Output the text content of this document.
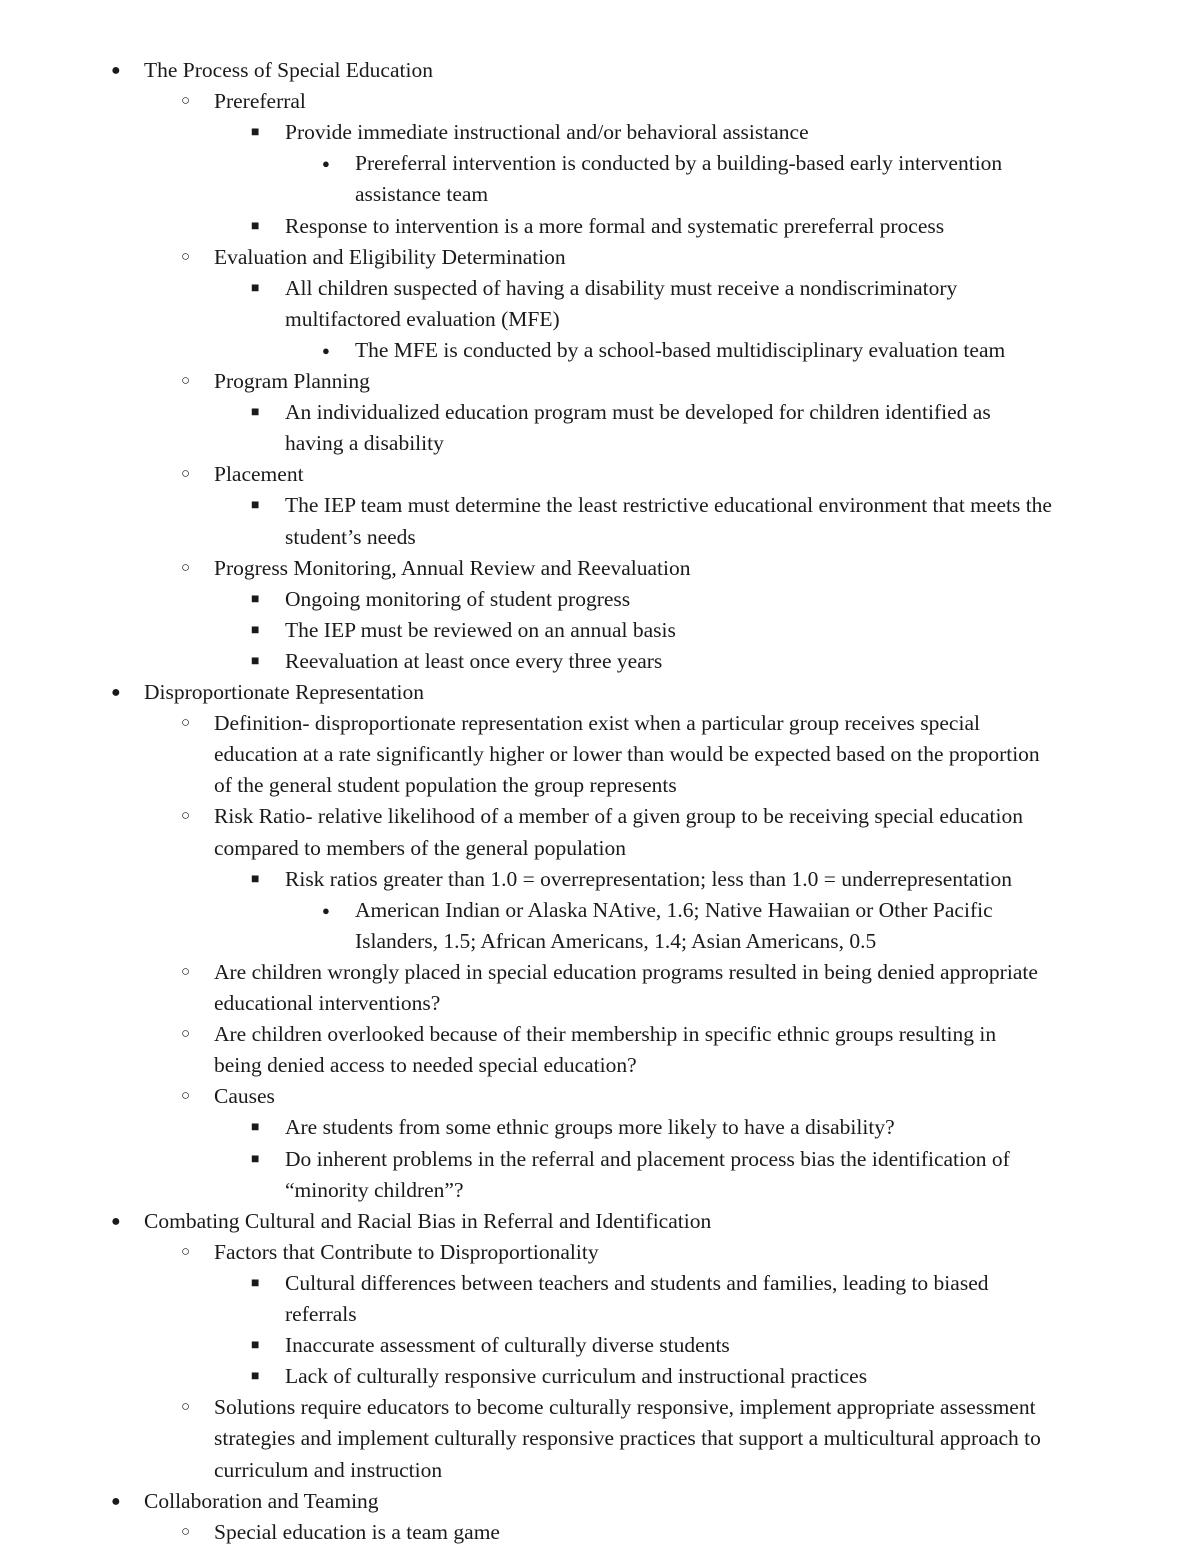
● The Process of Special Education
○ Prereferral
■ Provide immediate instructional and/or behavioral assistance
● Prereferral intervention is conducted by a building-based early intervention
assistance team
■ Response to intervention is a more formal and systematic prereferral process
○ Evaluation and Eligibility Determination
■ All children suspected of having a disability must receive a nondiscriminatory
multifactored evaluation (MFE)
● The MFE is conducted by a school-based multidisciplinary evaluation team
○ Program Planning
■ An individualized education program must be developed for children identified as
having a disability
○ Placement
■ The IEP team must determine the least restrictive educational environment that meets the
student’s needs
○ Progress Monitoring, Annual Review and Reevaluation
■ Ongoing monitoring of student progress
■ The IEP must be reviewed on an annual basis
■ Reevaluation at least once every three years
● Disproportionate Representation
○ Definition- disproportionate representation exist when a particular group receives special
education at a rate significantly higher or lower than would be expected based on the proportion
of the general student population the group represents
○ Risk Ratio- relative likelihood of a member of a given group to be receiving special education
compared to members of the general population
■ Risk ratios greater than 1.0 = overrepresentation; less than 1.0 = underrepresentation
● American Indian or Alaska NAtive, 1.6; Native Hawaiian or Other Pacific
Islanders, 1.5; African Americans, 1.4; Asian Americans, 0.5
○ Are children wrongly placed in special education programs resulted in being denied appropriate
educational interventions?
○ Are children overlooked because of their membership in specific ethnic groups resulting in
being denied access to needed special education?
○ Causes
■ Are students from some ethnic groups more likely to have a disability?
■ Do inherent problems in the referral and placement process bias the identification of
“minority children”?
● Combating Cultural and Racial Bias in Referral and Identification
○ Factors that Contribute to Disproportionality
■ Cultural differences between teachers and students and families, leading to biased
referrals
■ Inaccurate assessment of culturally diverse students
■ Lack of culturally responsive curriculum and instructional practices
○ Solutions require educators to become culturally responsive, implement appropriate assessment
strategies and implement culturally responsive practices that support a multicultural approach to
curriculum and instruction
● Collaboration and Teaming
○ Special education is a team game
